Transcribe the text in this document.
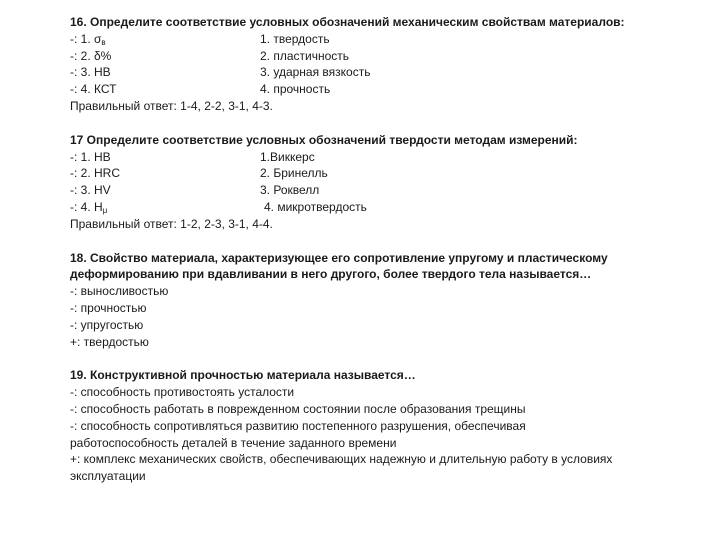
16. Определите соответствие условных обозначений механическим свойствам материалов:
-: 1. $\sigma_в$	1. твердость
-: 2. δ%	2. пластичность
-: 3. НВ	3. ударная вязкость
-: 4. КСТ	4. прочность
Правильный ответ: 1-4, 2-2, 3-1, 4-3.
17 Определите соответствие условных обозначений твердости методам измерений:
-: 1. НВ	1.Виккерс
-: 2. HRC	2. Бринелль
-: 3. HV	3. Роквелл
-: 4. $Н_\mu$	4. микротвердость
Правильный ответ: 1-2, 2-3, 3-1, 4-4.
18. Свойство материала, характеризующее его сопротивление упругому и пластическому
деформированию при вдавливании в него другого, более твердого тела называется…
-: выносливостью
-: прочностью
-: упругостью
+: твердостью
19. Конструктивной прочностью материала называется…
-: способность противостоять усталости
-: способность работать в поврежденном состоянии после образования трещины
-: способность сопротивляться развитию постепенного разрушения, обеспечивая
работоспособность деталей в течение заданного времени
+: комплекс механических свойств, обеспечивающих надежную и длительную работу в условиях
эксплуатации
